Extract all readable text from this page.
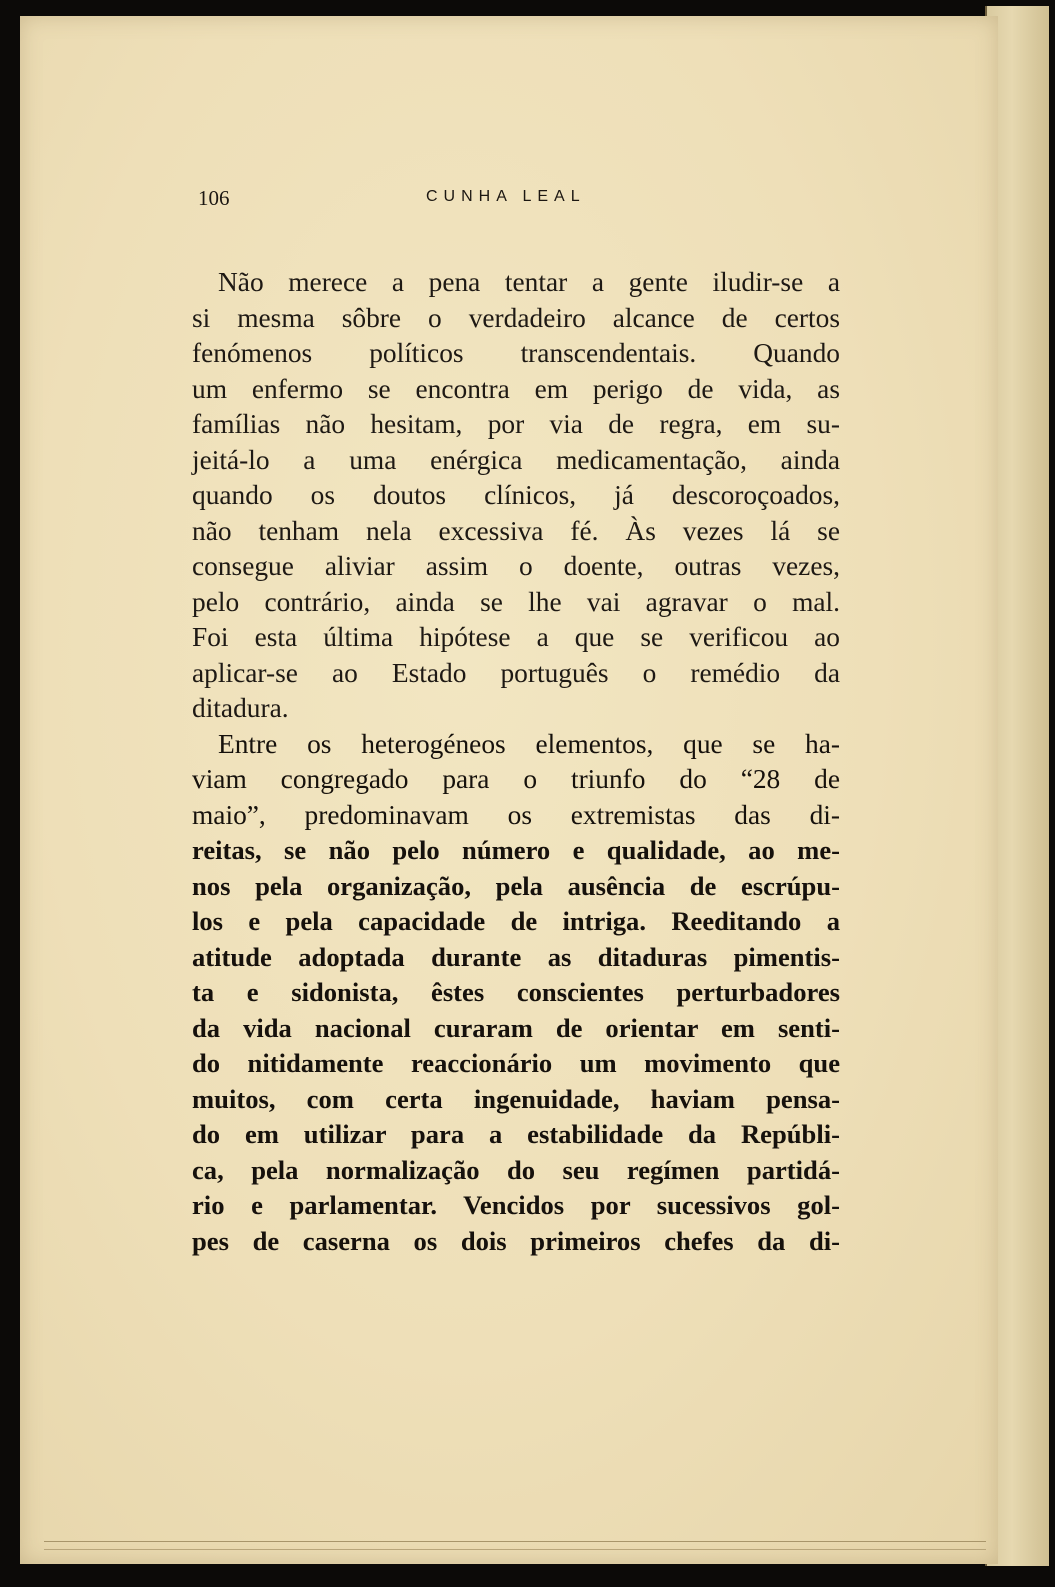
106	CUNHA LEAL
Não merece a pena tentar a gente iludir-se a
si mesma sôbre o verdadeiro alcance de certos
fenómenos políticos transcendentais. Quando
um enfermo se encontra em perigo de vida, as
famílias não hesitam, por via de regra, em su-
jeitá-lo a uma enérgica medicamentação, ainda
quando os doutos clínicos, já descoroçoados,
não tenham nela excessiva fé. Às vezes lá se
consegue aliviar assim o doente, outras vezes,
pelo contrário, ainda se lhe vai agravar o mal.
Foi esta última hipótese a que se verificou ao
aplicar-se ao Estado português o remédio da
ditadura.
Entre os heterogéneos elementos, que se ha-
viam congregado para o triunfo do “28 de
maio”, predominavam os extremistas das di-
reitas, se não pelo número e qualidade, ao me-
nos pela organização, pela ausência de escrúpu-
los e pela capacidade de intriga. Reeditando a
atitude adoptada durante as ditaduras pimentis-
ta e sidonista, êstes conscientes perturbadores
da vida nacional curaram de orientar em senti-
do nitidamente reaccionário um movimento que
muitos, com certa ingenuidade, haviam pensa-
do em utilizar para a estabilidade da Repúbli-
ca, pela normalização do seu regímen partidá-
rio e parlamentar. Vencidos por sucessivos gol-
pes de caserna os dois primeiros chefes da di-
